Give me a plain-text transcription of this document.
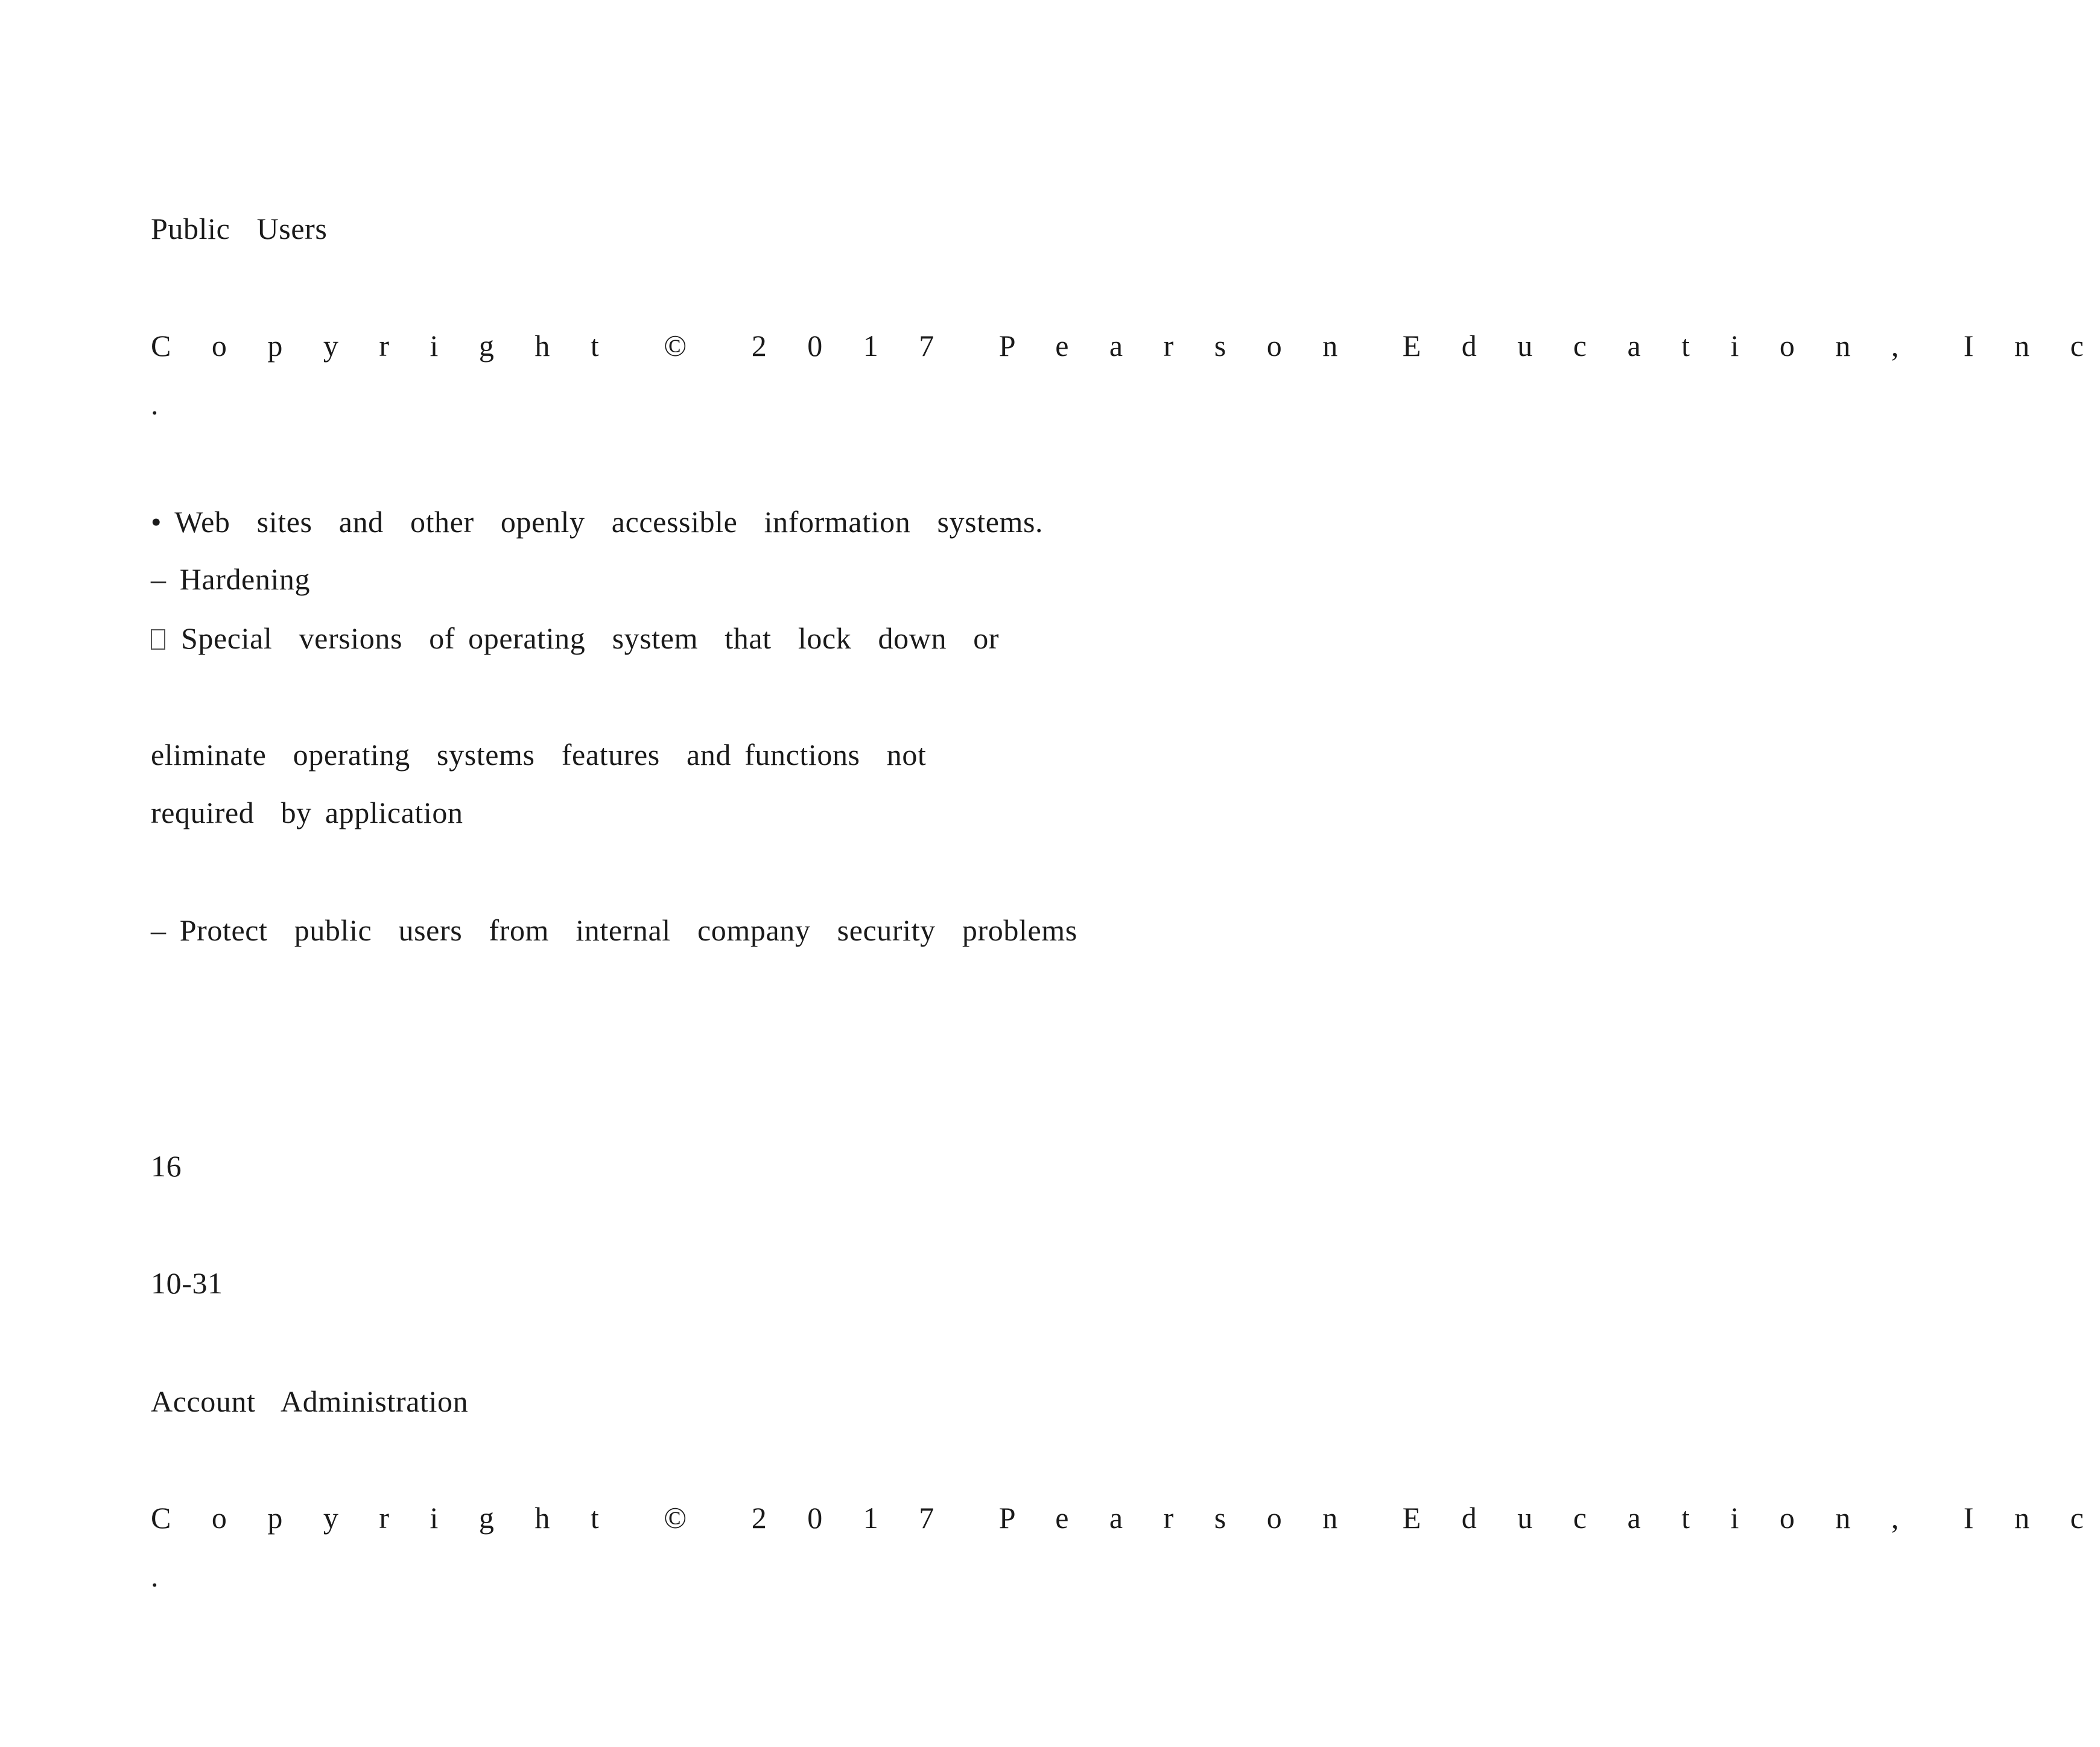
Public  Users
C o p y r i g h t  ©  2 0 1 7  P e a r s o n  E d u c a t i o n ,  I n c
.
• Web  sites  and  other  openly  accessible  information  systems.
– Hardening
Special  versions  of operating  system  that  lock  down  or
eliminate  operating  systems  features  and functions  not
required  by application
– Protect  public  users  from  internal  company  security  problems
16
10-31
Account  Administration
C o p y r i g h t  ©  2 0 1 7  P e a r s o n  E d u c a t i o n ,  I n c
.
